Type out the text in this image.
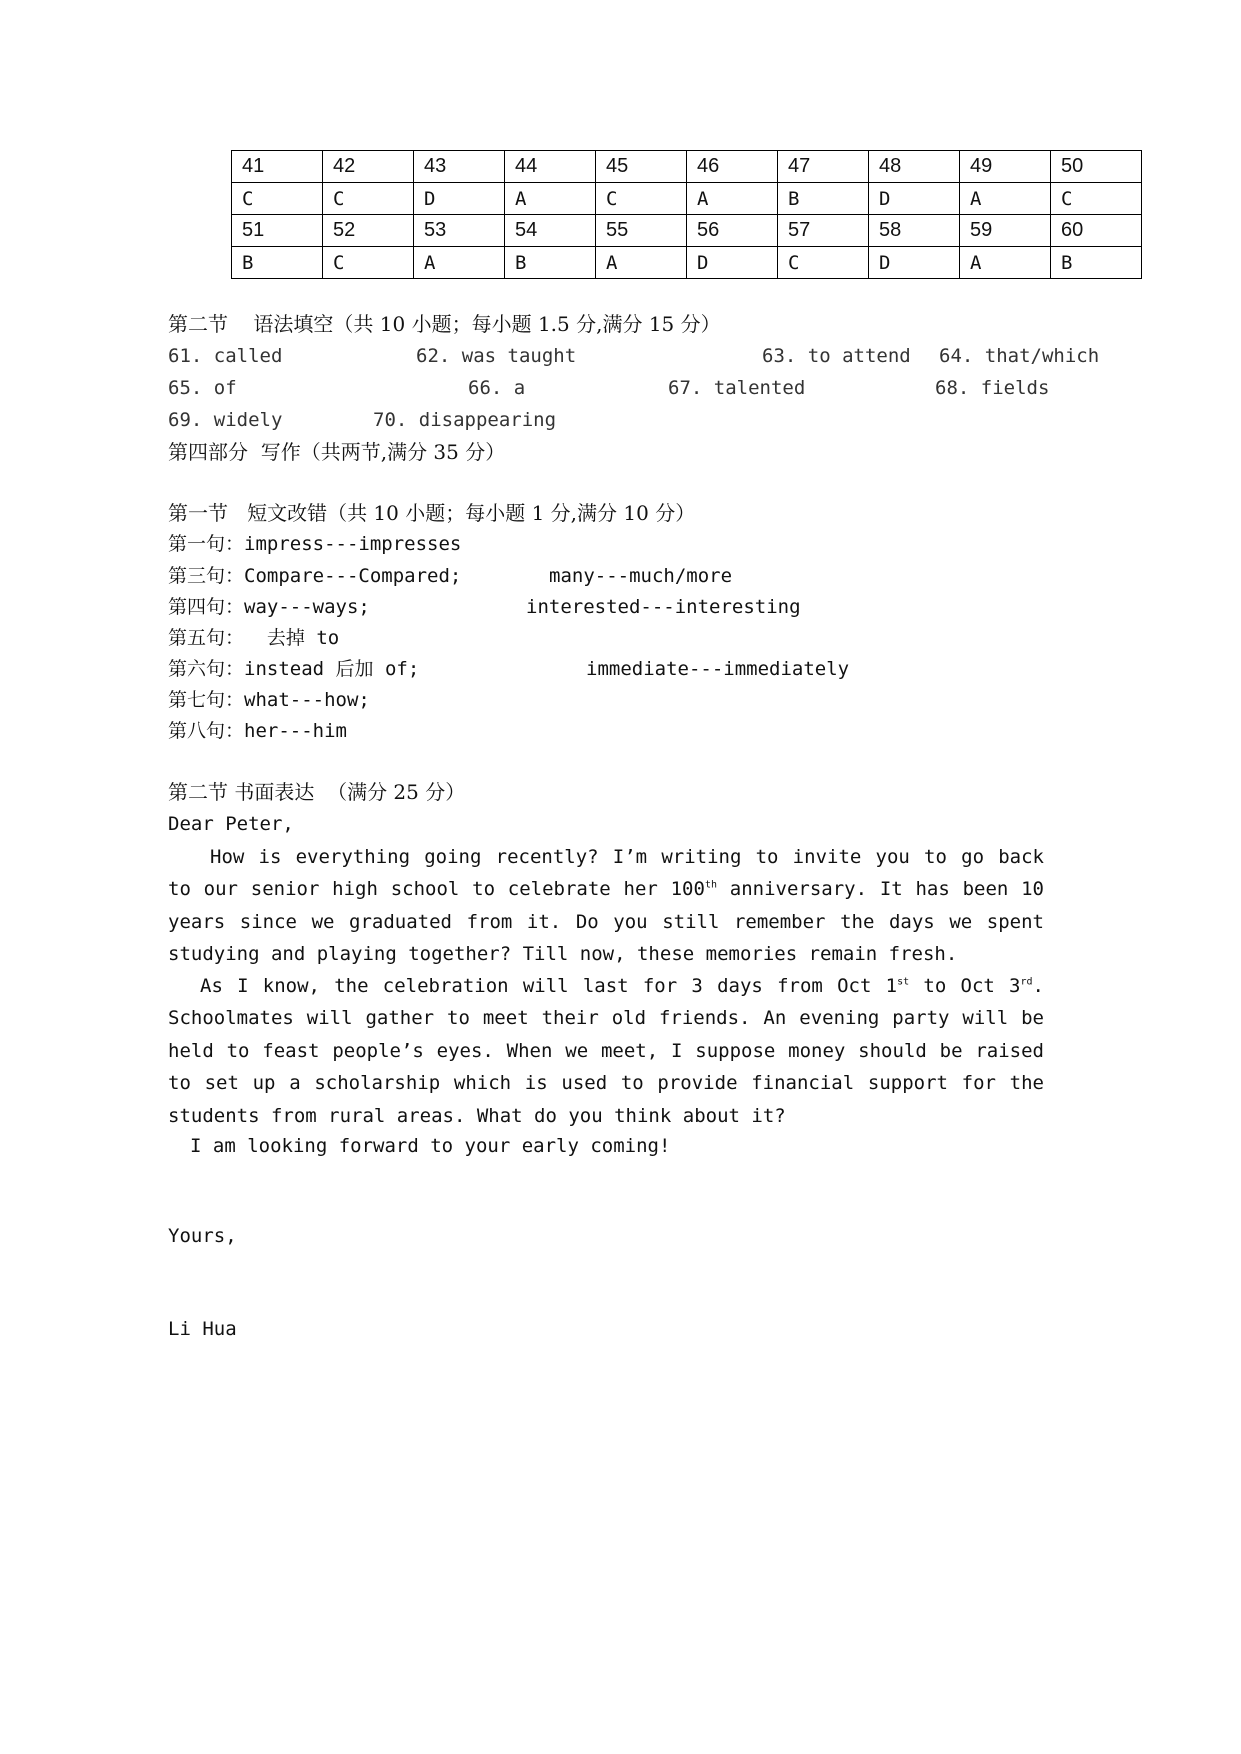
41	42	43	44	45	46	47	48	49	50
C	C	D	A	C	A	B	D	A	C
51	52	53	54	55	56	57	58	59	60
B	C	A	B	A	D	C	D	A	B
第二节    语法填空（共 10 小题；每小题 1.5 分,满分 15 分）
61. called	62. was taught	63. to attend 64. that/which
65. of	66. a	67. talented	68. fields
69. widely	70. disappearing
第四部分  写作（共两节,满分 35 分）
第一节   短文改错（共 10 小题；每小题 1 分,满分 10 分）
第一句：impress---impresses
第三句：Compare---Compared;	many---much/more
第四句：way---ways;	interested---interesting
第五句：  去掉 to
第六句：instead 后加 of;	immediate---immediately
第七句：what---how;
第八句：her---him
第二节 书面表达  （满分 25 分）
Dear Peter,
How is everything going recently? I’m writing to invite you to go back to our senior high school to celebrate her 100th anniversary. It has been 10 years since we graduated from it. Do you still remember the days we spent studying and playing together? Till now, these memories remain fresh.
As I know, the celebration will last for 3 days from Oct 1st to Oct 3rd. Schoolmates will gather to meet their old friends. An evening party will be held to feast people’s eyes. When we meet, I suppose money should be raised to set up a scholarship which is used to provide financial support for the students from rural areas. What do you think about it?
I am looking forward to your early coming!
Yours,
Li Hua
